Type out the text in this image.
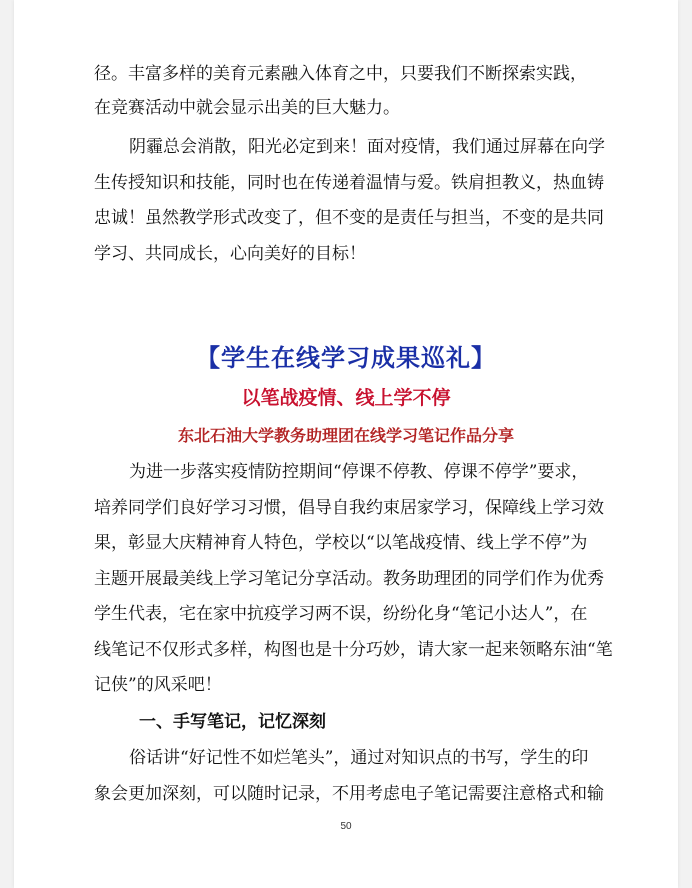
径。丰富多样的美育元素融入体育之中，只要我们不断探索实践，
在竞赛活动中就会显示出美的巨大魅力。
阴霾总会消散，阳光必定到来！面对疫情，我们通过屏幕在向学
生传授知识和技能，同时也在传递着温情与爱。铁肩担教义，热血铸
忠诚！虽然教学形式改变了，但不变的是责任与担当，不变的是共同
学习、共同成长，心向美好的目标！
【学生在线学习成果巡礼】
以笔战疫情、线上学不停
东北石油大学教务助理团在线学习笔记作品分享
为进一步落实疫情防控期间“停课不停教、停课不停学”要求，
培养同学们良好学习习惯，倡导自我约束居家学习，保障线上学习效
果，彰显大庆精神育人特色，学校以“以笔战疫情、线上学不停”为
主题开展最美线上学习笔记分享活动。教务助理团的同学们作为优秀
学生代表，宅在家中抗疫学习两不误，纷纷化身“笔记小达人”，在
线笔记不仅形式多样，构图也是十分巧妙，请大家一起来领略东油“笔
记侠”的风采吧！
一、手写笔记，记忆深刻
俗话讲“好记性不如烂笔头”，通过对知识点的书写，学生的印
象会更加深刻，可以随时记录，不用考虑电子笔记需要注意格式和输
50
